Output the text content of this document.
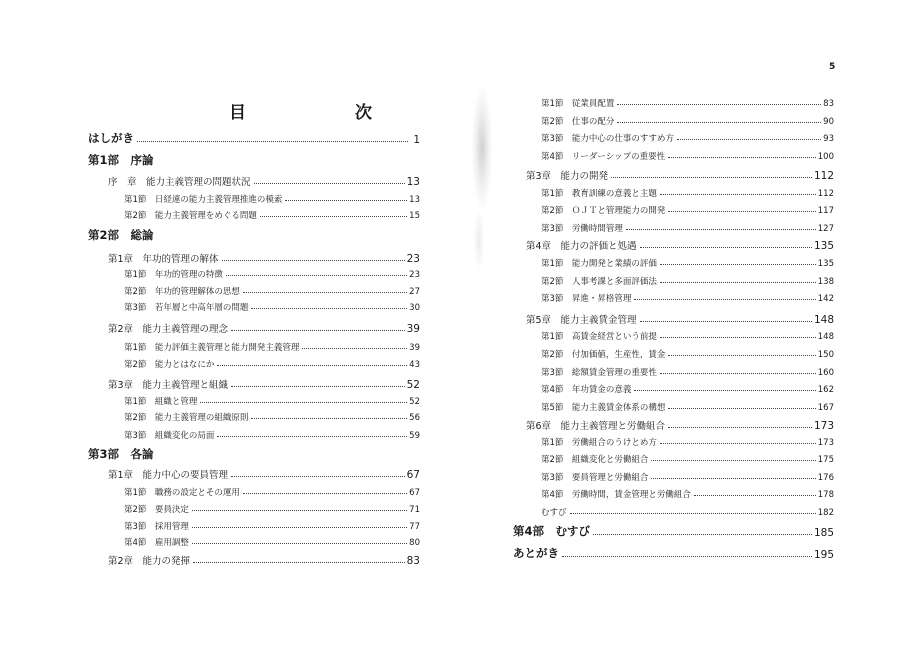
目　次
5
はしがき	1
第1部　序論
序　章　能力主義管理の問題状況	13
第1節　日経連の能力主義管理推進の模索	13
第2節　能力主義管理をめぐる問題	15
第2部　総論
第1章　年功的管理の解体	23
第1節　年功的管理の特徴	23
第2節　年功的管理解体の思想	27
第3節　若年層と中高年層の問題	30
第2章　能力主義管理の理念	39
第1節　能力評価主義管理と能力開発主義管理	39
第2節　能力とはなにか	43
第3章　能力主義管理と組織	52
第1節　組織と管理	52
第2節　能力主義管理の組織原則	56
第3節　組織変化の局面	59
第3部　各論
第1章　能力中心の要員管理	67
第1節　職務の設定とその運用	67
第2節　要員決定	71
第3節　採用管理	77
第4節　雇用調整	80
第2章　能力の発揮	83
第1節　従業員配置	83
第2節　仕事の配分	90
第3節　能力中心の仕事のすすめ方	93
第4節　リーダーシップの重要性	100
第3章　能力の開発	112
第1節　教育訓練の意義と主題	112
第2節　ＯＪＴと管理能力の開発	117
第3節　労働時間管理	127
第4章　能力の評価と処遇	135
第1節　能力開発と業績の評価	135
第2節　人事考課と多面評価法	138
第3節　昇進・昇格管理	142
第5章　能力主義賃金管理	148
第1節　高賃金経営という前提	148
第2節　付加価値，生産性，賃金	150
第3節　総額賃金管理の重要性	160
第4節　年功賃金の意義	162
第5節　能力主義賃金体系の構想	167
第6章　能力主義管理と労働組合	173
第1節　労働組合のうけとめ方	173
第2節　組織変化と労働組合	175
第3節　要員管理と労働組合	176
第4節　労働時間，賃金管理と労働組合	178
むすび	182
第4部　むすび	185
あとがき	195
